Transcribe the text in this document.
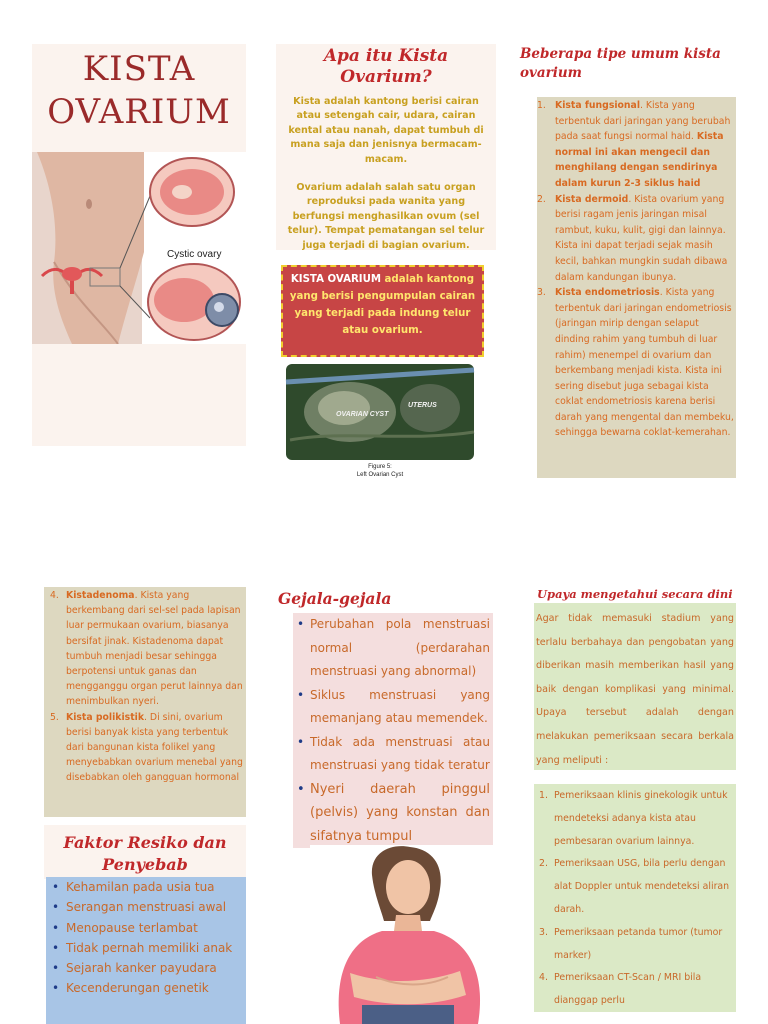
KISTA
OVARIUM
Cystic ovary
Apa itu Kista Ovarium?

Kista adalah kantong berisi cairan atau setengah cair, udara, cairan kental atau nanah, dapat tumbuh di mana saja dan jenisnya bermacam-macam.

Ovarium adalah salah satu organ reproduksi pada wanita yang berfungsi menghasilkan ovum (sel telur). Tempat pematangan sel telur juga terjadi di bagian ovarium.

KISTA OVARIUM adalah kantong yang berisi pengumpulan cairan yang terjadi pada indung telur atau ovarium.
OVARIAN CYST
UTERUS
Figure 5:
Left Ovarian Cyst
Beberapa tipe umum kista ovarium
1. Kista fungsional. Kista yang terbentuk dari jaringan yang berubah pada saat fungsi normal haid. Kista normal ini akan mengecil dan menghilang dengan sendirinya dalam kurun 2-3 siklus haid
2. Kista dermoid. Kista ovarium yang berisi ragam jenis jaringan misal rambut, kuku, kulit, gigi dan lainnya. Kista ini dapat terjadi sejak masih kecil, bahkan mungkin sudah dibawa dalam kandungan ibunya.
3. Kista endometriosis. Kista yang terbentuk dari jaringan endometriosis (jaringan mirip dengan selaput dinding rahim yang tumbuh di luar rahim) menempel di ovarium dan berkembang menjadi kista. Kista ini sering disebut juga sebagai kista coklat endometriosis karena berisi darah yang mengental dan membeku, sehingga bewarna coklat-kemerahan.
4. Kistadenoma. Kista yang berkembang dari sel-sel pada lapisan luar permukaan ovarium, biasanya bersifat jinak. Kistadenoma dapat tumbuh menjadi besar sehingga berpotensi untuk ganas dan mengganggu organ perut lainnya dan menimbulkan nyeri.
5. Kista polikistik. Di sini, ovarium berisi banyak kista yang terbentuk dari bangunan kista folikel yang menyebabkan ovarium menebal yang disebabkan oleh gangguan hormonal
Faktor Resiko dan Penyebab
• Kehamilan pada usia tua
• Serangan menstruasi awal
• Menopause terlambat
• Tidak pernah memiliki anak
• Sejarah kanker payudara
• Kecenderungan genetik
Gejala-gejala
• Perubahan pola menstruasi normal (perdarahan menstruasi yang abnormal)
• Siklus menstruasi yang memanjang atau memendek.
• Tidak ada menstruasi atau menstruasi yang tidak teratur
• Nyeri daerah pinggul (pelvis) yang konstan dan sifatnya tumpul
Upaya mengetahui secara dini

Agar tidak memasuki stadium yang terlalu berbahaya dan pengobatan yang diberikan masih memberikan hasil yang baik dengan komplikasi yang minimal. Upaya tersebut adalah dengan melakukan pemeriksaan secara berkala yang meliputi :

1. Pemeriksaan klinis ginekologik untuk mendeteksi adanya kista atau pembesaran ovarium lainnya.
2. Pemeriksaan USG, bila perlu dengan alat Doppler untuk mendeteksi aliran darah.
3. Pemeriksaan petanda tumor (tumor marker)
4. Pemeriksaan CT-Scan / MRI bila dianggap perlu
